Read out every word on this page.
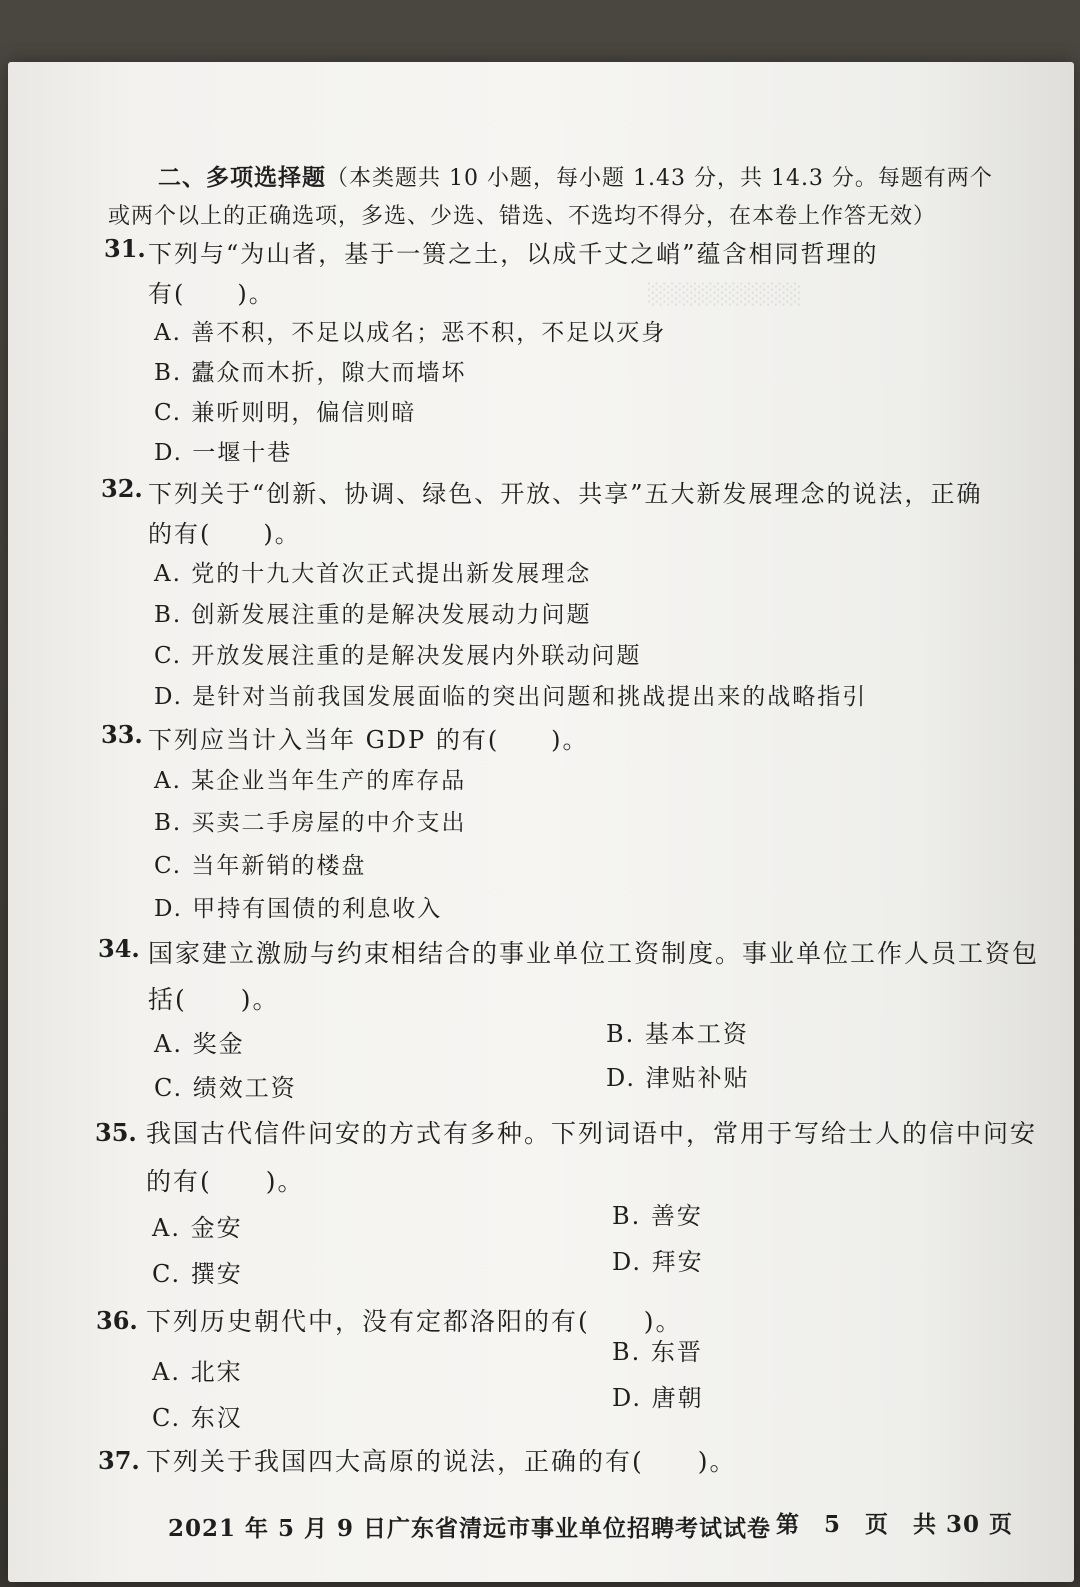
░░░░░░░░░░
二、多项选择题（本类题共 10 小题，每小题 1.43 分，共 14.3 分。每题有两个
或两个以上的正确选项，多选、少选、错选、不选均不得分，在本卷上作答无效）
31. 下列与“为山者，基于一篑之土，以成千丈之峭”蕴含相同哲理的
有(　　)。
A. 善不积，不足以成名；恶不积，不足以灭身
B. 蠹众而木折，隙大而墙坏
C. 兼听则明，偏信则暗
D. 一堰十巷
32. 下列关于“创新、协调、绿色、开放、共享”五大新发展理念的说法，正确
的有(　　)。
A. 党的十九大首次正式提出新发展理念
B. 创新发展注重的是解决发展动力问题
C. 开放发展注重的是解决发展内外联动问题
D. 是针对当前我国发展面临的突出问题和挑战提出来的战略指引
33. 下列应当计入当年 GDP 的有(　　)。
A. 某企业当年生产的库存品
B. 买卖二手房屋的中介支出
C. 当年新销的楼盘
D. 甲持有国债的利息收入
34. 国家建立激励与约束相结合的事业单位工资制度。事业单位工作人员工资包
括(　　)。
A. 奖金	B. 基本工资
C. 绩效工资	D. 津贴补贴
35. 我国古代信件问安的方式有多种。下列词语中，常用于写给士人的信中问安
的有(　　)。
A. 金安	B. 善安
C. 撰安	D. 拜安
36. 下列历史朝代中，没有定都洛阳的有(　　)。
B. 东晋
A. 北宋
D. 唐朝
C. 东汉
37. 下列关于我国四大高原的说法，正确的有(　　)。
2021 年 5 月 9 日广东省清远市事业单位招聘考试试卷 第　5　页　共 30 页
